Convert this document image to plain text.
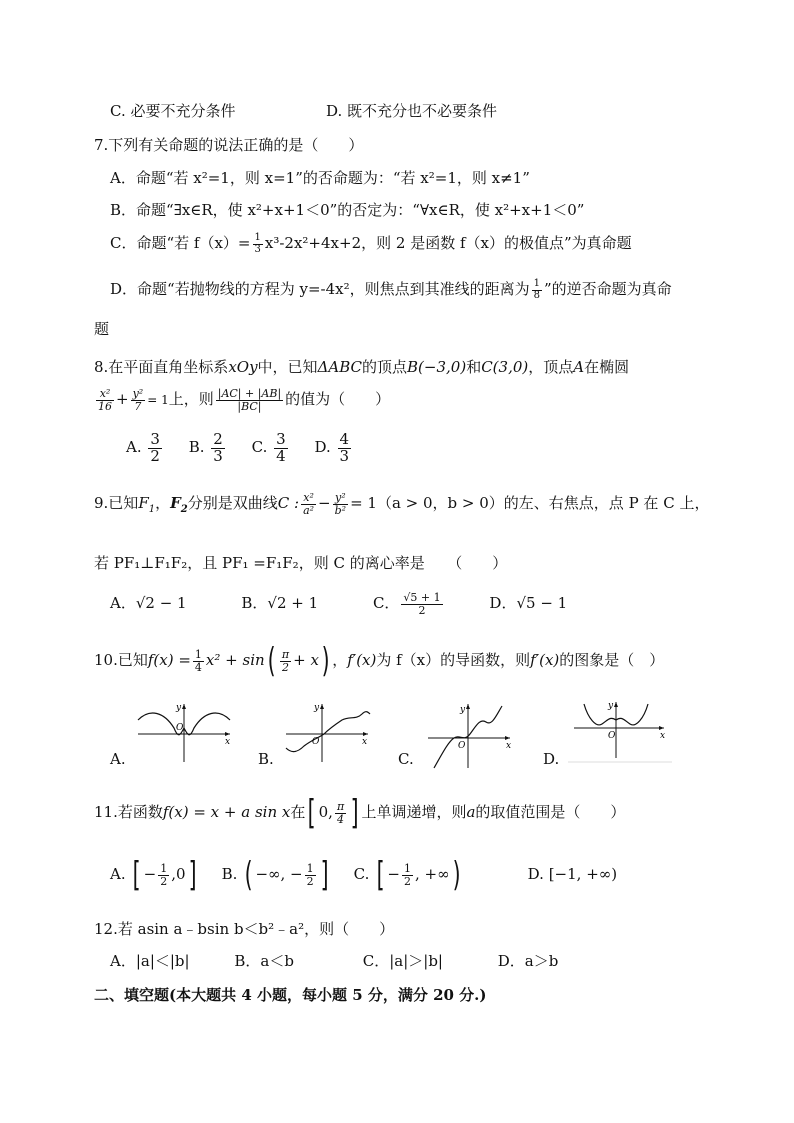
C. 必要不充分条件	D. 既不充分也不必要条件
7.下列有关命题的说法正确的是（　　）
A．命题“若 x²=1，则 x=1”的否命题为：“若 x²=1，则 x≠1”
B．命题“∃x∈R，使 x²+x+1＜0”的否定为：“∀x∈R，使 x²+x+1＜0”
C．命题“若 $f(x)= \frac{1}{3} x^3-2x^2+4x+2$，则 2 是函数 f（x）的极值点”为真命题
D．命题“若抛物线的方程为 y=-4x²，则焦点到其准线的距离为 $\frac{1}{8}$ ”的逆否命题为真命
题
8.在平面直角坐标系xOy中，已知ΔABC的顶点B(−3,0)和C(3,0)，顶点A在椭圆
$\frac{\text{x²}}{16} + \frac{\text{y²}}{7} = 1$上，则 $\frac{|AC| + |AB|}{|BC|}$ 的值为（　　）
A. $\frac{3}{2} B$. $\frac{2}{3} C$. $\frac{3}{4} D$. $\frac{4}{3}$
9.已知$F_1$，$F_2$分别是双曲线C : $\frac{\text{x²}}{\text{a²}} - \frac{\text{y²}}{\text{b²}} = 1(a > 0$，b > 0）的左、右焦点，点 P 在 C 上，
若 PF₁⊥F₁F₂，且 PF₁ =F₁F₂，则 C 的离心率是　　（　　）
A．√2 − 1	B．√2 + 1	C． $\frac{√5 + 1}{2}$	D．√5 − 1
10.已知$f(x) = \frac{1}{4} x^2 + \sin( \frac{\pi}{2} + x)$ ，f′(x)为 f（x）的导函数，则f′(x)的图象是（　）
y
x
O
A.
y
x
O
B.
y
x
O
C.
y
x
O
D.
11.若函数f(x) = x + a sin x在[ 0, $\frac{\pi}{4}$ ] 上单调递增，则a的取值范围是（　　）
A. [ − $\frac{1}{2} ,0$] B. ( −∞, − $\frac{1}{2}$ ] C. [ − $\frac{1}{2}$ , +∞)	D. [−1, +∞)
12.若 asin a﹣bsin b＜b²﹣a²，则（　　）
A．|a|＜|b|	B．a＜b	C．|a|＞|b|	D．a＞b
二、填空题(本大题共 4 小题，每小题 5 分，满分 20 分.)
